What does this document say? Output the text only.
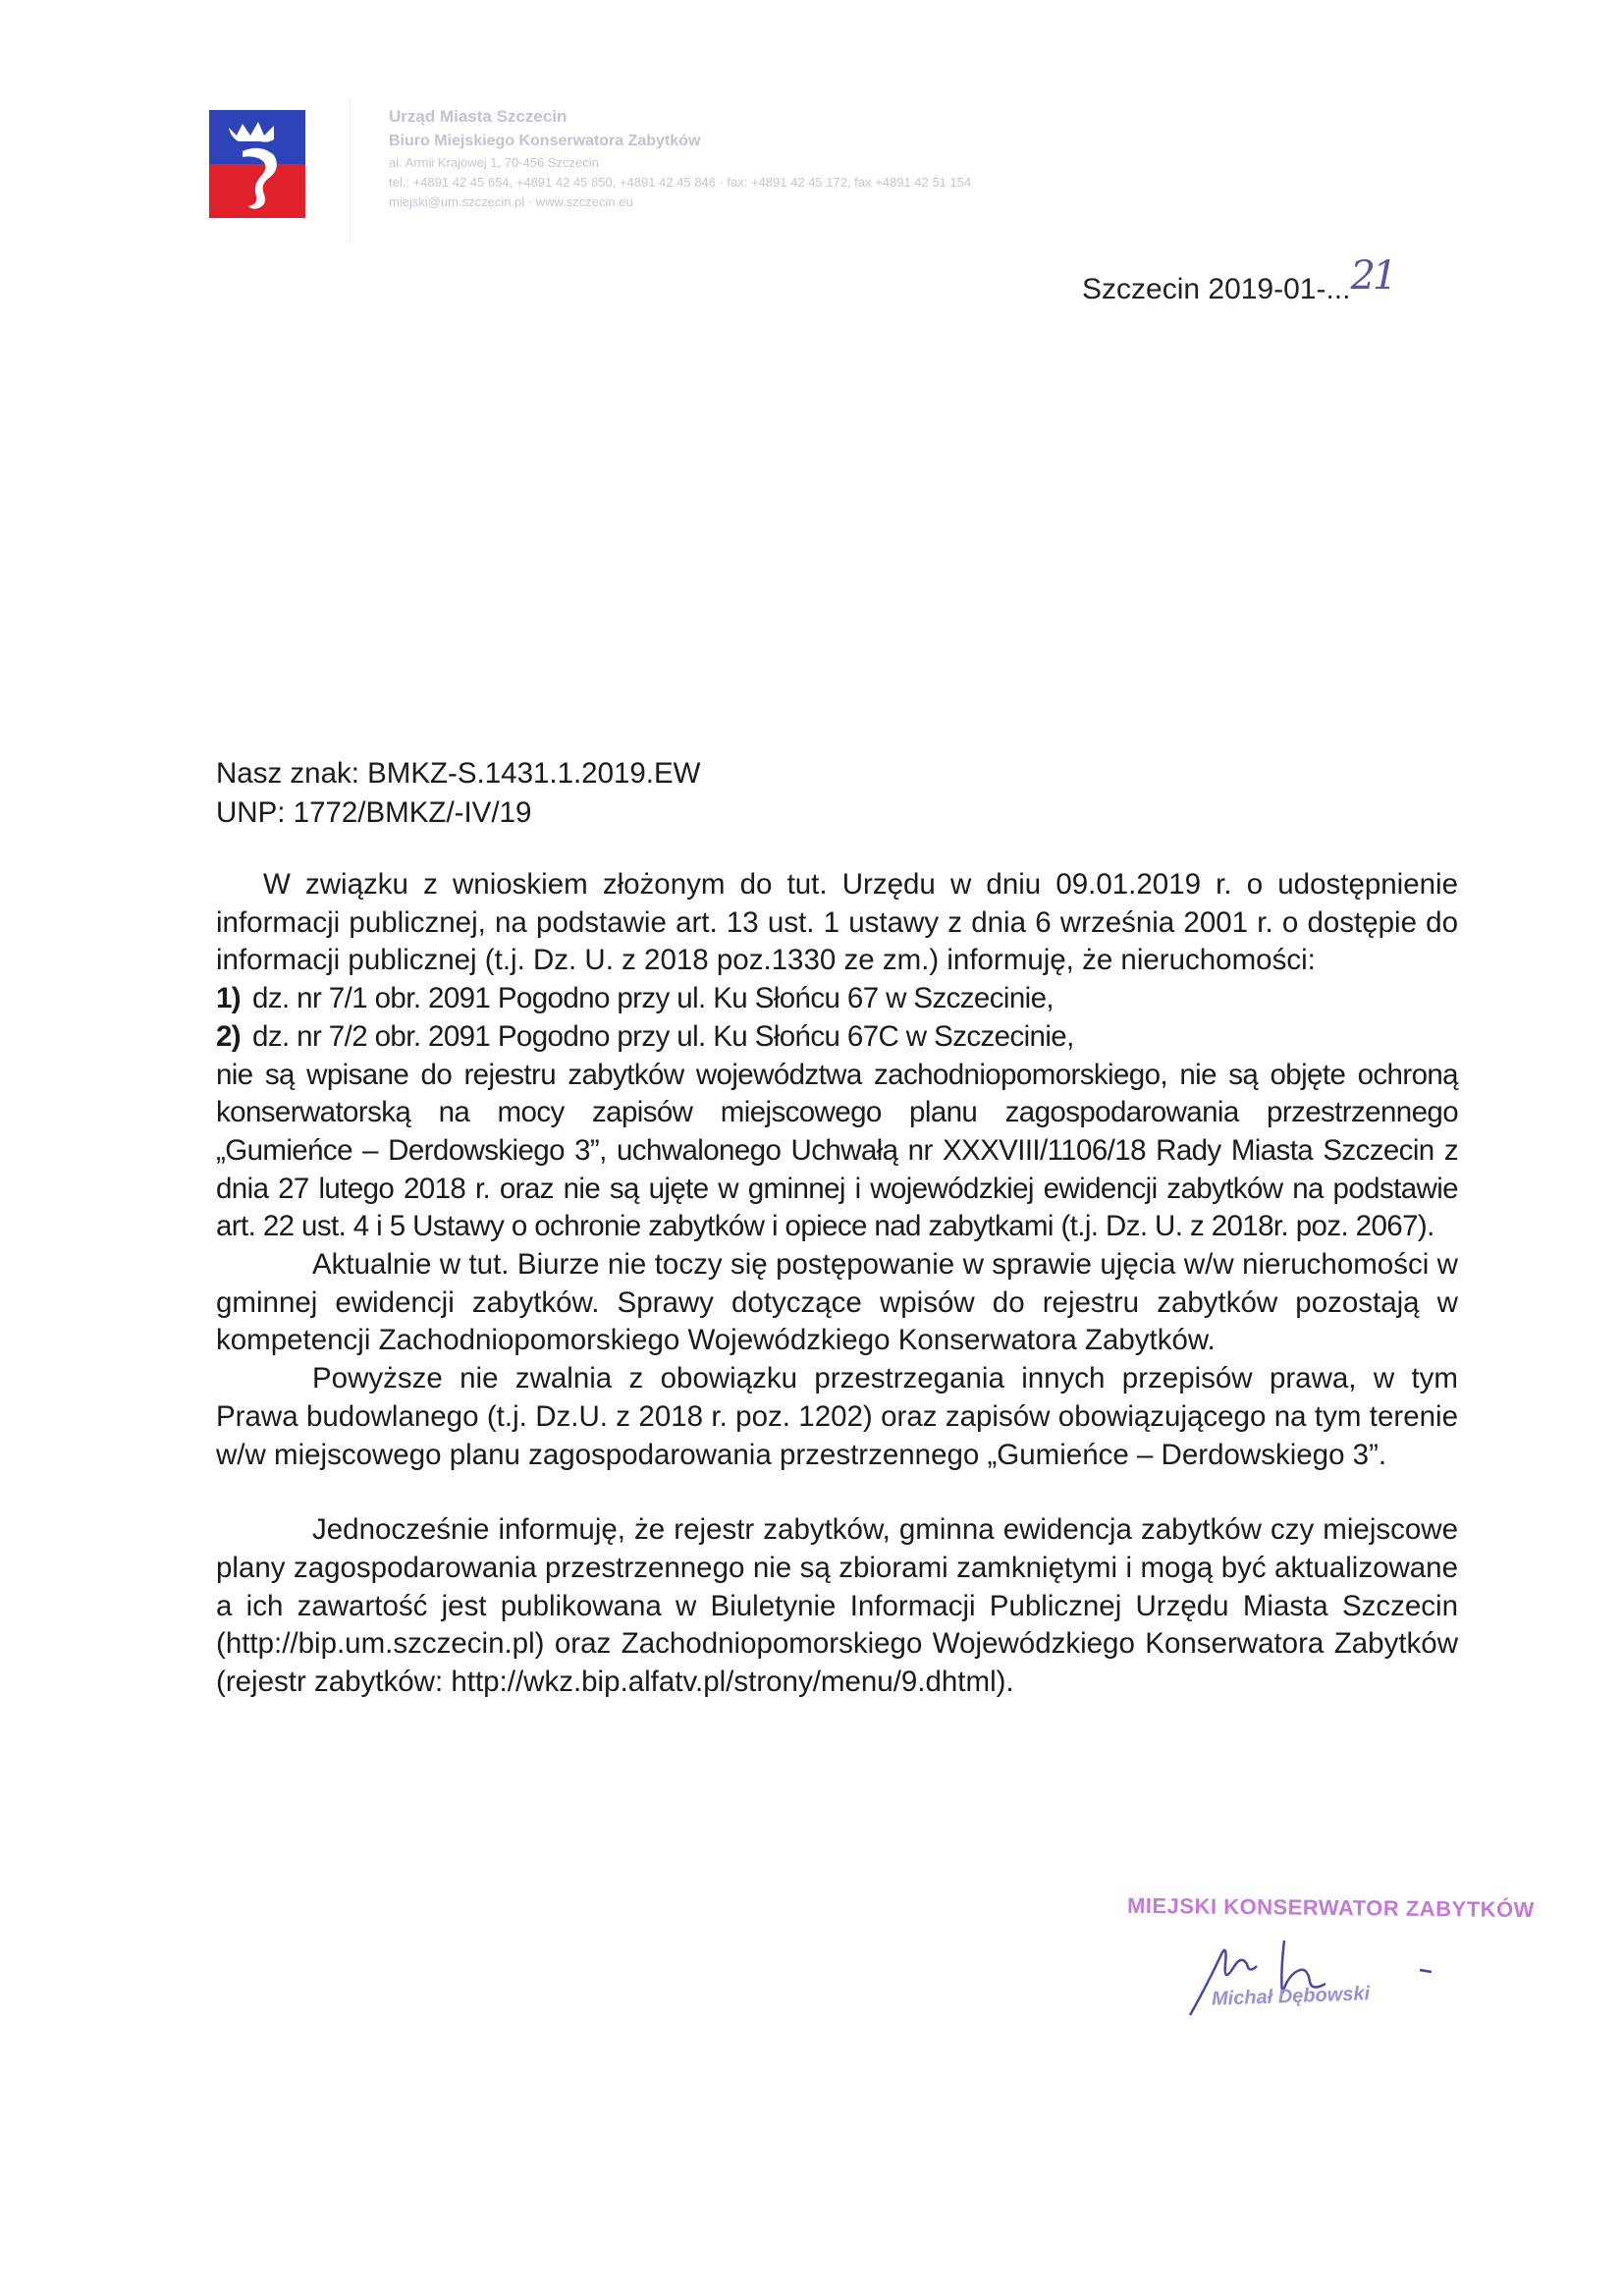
Urząd Miasta Szczecin
Biuro Miejskiego Konserwatora Zabytków
al. Armii Krajowej 1, 70-456 Szczecin
tel.: +4891 42 45 654, +4891 42 45 850, +4891 42 45 846 · fax: +4891 42 45 172, fax +4891 42 51 154
miejski@um.szczecin.pl · www.szczecin.eu
Szczecin 2019-01-...21
Nasz znak: BMKZ-S.1431.1.2019.EW
UNP: 1772/BMKZ/-IV/19

W związku z wnioskiem złożonym do tut. Urzędu w dniu 09.01.2019 r. o udostępnienie informacji publicznej, na podstawie art. 13 ust. 1 ustawy z dnia 6 września 2001 r. o dostępie do informacji publicznej (t.j. Dz. U. z 2018 poz.1330 ze zm.) informuję, że nieruchomości:

1) dz. nr 7/1 obr. 2091 Pogodno przy ul. Ku Słońcu 67 w Szczecinie,

2) dz. nr 7/2 obr. 2091 Pogodno przy ul. Ku Słońcu 67C w Szczecinie,

nie są wpisane do rejestru zabytków województwa zachodniopomorskiego, nie są objęte ochroną konserwatorską na mocy zapisów miejscowego planu zagospodarowania przestrzennego „Gumieńce – Derdowskiego 3”, uchwalonego Uchwałą nr XXXVIII/1106/18 Rady Miasta Szczecin z dnia 27 lutego 2018 r. oraz nie są ujęte w gminnej i wojewódzkiej ewidencji zabytków na podstawie art. 22 ust. 4 i 5 Ustawy o ochronie zabytków i opiece nad zabytkami (t.j. Dz. U. z 2018r. poz. 2067).

Aktualnie w tut. Biurze nie toczy się postępowanie w sprawie ujęcia w/w nieruchomości w gminnej ewidencji zabytków. Sprawy dotyczące wpisów do rejestru zabytków pozostają w kompetencji Zachodniopomorskiego Wojewódzkiego Konserwatora Zabytków.

Powyższe nie zwalnia z obowiązku przestrzegania innych przepisów prawa, w tym Prawa budowlanego (t.j. Dz.U. z 2018 r. poz. 1202) oraz zapisów obowiązującego na tym terenie w/w miejscowego planu zagospodarowania przestrzennego „Gumieńce – Derdowskiego 3”.

Jednocześnie informuję, że rejestr zabytków, gminna ewidencja zabytków czy miejscowe plany zagospodarowania przestrzennego nie są zbiorami zamkniętymi i mogą być aktualizowane a ich zawartość jest publikowana w Biuletynie Informacji Publicznej Urzędu Miasta Szczecin (http://bip.um.szczecin.pl) oraz Zachodniopomorskiego Wojewódzkiego Konserwatora Zabytków (rejestr zabytków: http://wkz.bip.alfatv.pl/strony/menu/9.dhtml).

MIEJSKI KONSERWATOR ZABYTKÓW
Michał Dębowski
